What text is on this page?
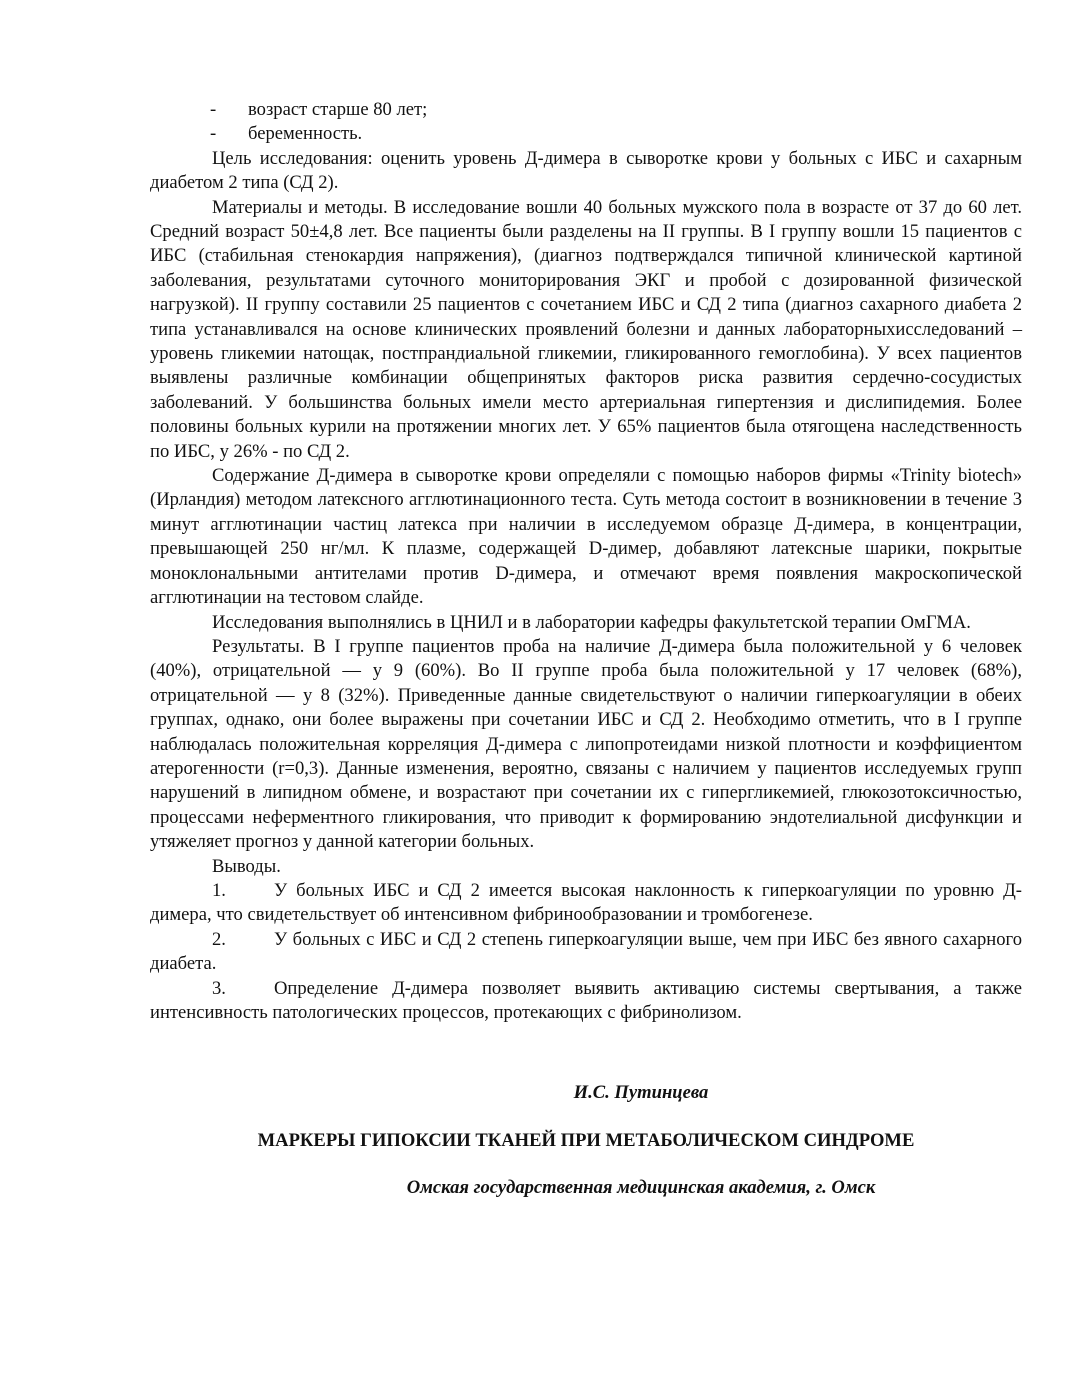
- возраст старше 80 лет;
- беременность.

Цель исследования: оценить уровень Д-димера в сыворотке крови у больных с ИБС и сахарным диабетом 2 типа (СД 2).

Материалы и методы. В исследование вошли 40 больных мужского пола в возрасте от 37 до 60 лет. Средний возраст 50±4,8 лет. Все пациенты были разделены на II группы. В I группу вошли 15 пациентов с ИБС (стабильная стенокардия напряжения), (диагноз подтверждался типичной клинической картиной заболевания, результатами суточного мониторирования ЭКГ и пробой с дозированной физической нагрузкой). II группу составили 25 пациентов с сочетанием ИБС и СД 2 типа (диагноз сахарного диабета 2 типа устанавливался на основе клинических проявлений болезни и данных лабораторныхисследований – уровень гликемии натощак, постпрандиальной гликемии, гликированного гемоглобина). У всех пациентов выявлены различные комбинации общепринятых факторов риска развития сердечно-сосудистых заболеваний. У большинства больных имели место артериальная гипертензия и дислипидемия. Более половины больных курили на протяжении многих лет. У 65% пациентов была отягощена наследственность по ИБС, у 26% - по СД 2.

Содержание Д-димера в сыворотке крови определяли с помощью наборов фирмы «Trinity biotech» (Ирландия) методом латексного агглютинационного теста. Суть метода состоит в возникновении в течение 3 минут агглютинации частиц латекса при наличии в исследуемом образце Д-димера, в концентрации, превышающей 250 нг/мл. К плазме, содержащей D-димер, добавляют латексные шарики, покрытые моноклональными антителами против D-димера, и отмечают время появления макроскопической агглютинации на тестовом слайде.

Исследования выполнялись в ЦНИЛ и в лаборатории кафедры факультетской терапии ОмГМА.

Результаты. В I группе пациентов проба на наличие Д-димера была положительной у 6 человек (40%), отрицательной — у 9 (60%). Во II группе проба была положительной у 17 человек (68%), отрицательной — у 8 (32%). Приведенные данные свидетельствуют о наличии гиперкоагуляции в обеих группах, однако, они более выражены при сочетании ИБС и СД 2. Необходимо отметить, что в I группе наблюдалась положительная корреляция Д-димера с липопротеидами низкой плотности и коэффициентом атерогенности (r=0,3). Данные изменения, вероятно, связаны с наличием у пациентов исследуемых групп нарушений в липидном обмене, и возрастают при сочетании их с гипергликемией, глюкозотоксичностью, процессами неферментного гликирования, что приводит к формированию эндотелиальной дисфункции и утяжеляет прогноз у данной категории больных.

Выводы.

1.	У больных ИБС и СД 2 имеется высокая наклонность к гиперкоагуляции по уровню Д-димера, что свидетельствует об интенсивном фибринообразовании и тромбогенезе.

2.	У больных с ИБС и СД 2 степень гиперкоагуляции выше, чем при ИБС без явного сахарного диабета.

3.	Определение Д-димера позволяет выявить активацию системы свертывания, а также интенсивность патологических процессов, протекающих с фибринолизом.

И.С. Путинцева
МАРКЕРЫ ГИПОКСИИ ТКАНЕЙ ПРИ МЕТАБОЛИЧЕСКОМ СИНДРОМЕ
Омская государственная медицинская академия, г. Омск
